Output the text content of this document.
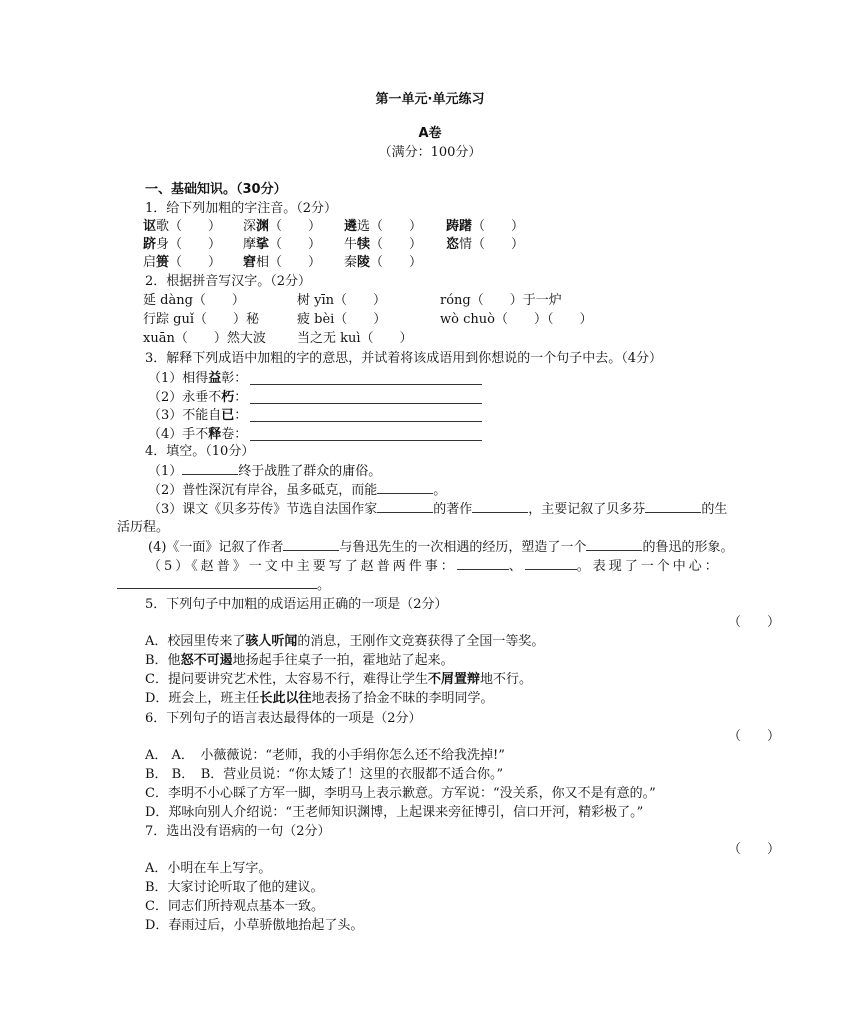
第一单元·单元练习
A卷
（满分：100分）
一、基础知识。（30分）
1．给下列加粗的字注音。（2分）
讴歌（　　） 深渊（　　） 遴选（　　） 踌躇（　　）
跻身（　　） 摩挲（　　） 牛犊（　　） 恣情（　　）
启篑（　　） 窘相（　　） 秦陵（　　）
2．根据拼音写汉字。（2分）
延 dàng（　　）	树 yīn（　　）	róng（　　）于一炉
行踪 guǐ（　　）秘	疲 bèi（　　）	wò chuò（　　）（　　）
xuān（　　）然大波 当之无 kuì（　　）
3．解释下列成语中加粗的字的意思，并试着将该成语用到你想说的一个句子中去。（4分）
（1）相得益彰：
（2）永垂不朽：
（3）不能自已：
（4）手不释卷：
4．填空。（10分）
（1）	终于战胜了群众的庸俗。
（2）普性深沉有岸谷，虽多砥克，而能	。
（3）课文《贝多芬传》节选自法国作家	的著作	，主要记叙了贝多芬	的生
活历程。
(4)《一面》记叙了作者	与鲁迅先生的一次相遇的经历，塑造了一个	的鲁迅的形象。
（5）《赵普》一文中主要写了赵普两件事：	、	。表现了一个中心：
。
5．下列句子中加粗的成语运用正确的一项是（2分）
（　　）
A．校园里传来了骇人听闻的消息，王刚作文竞赛获得了全国一等奖。
B．他怒不可遏地扬起手往桌子一拍，霍地站了起来。
C．提问要讲究艺术性，太容易不行，难得让学生不屑置辩地不行。
D．班会上，班主任长此以往地表扬了拾金不昧的李明同学。
6．下列句子的语言表达最得体的一项是（2分）
（　　）
A． A．　小薇薇说：“老师，我的小手绢你怎么还不给我洗掉!”
B． B．　B．营业员说：“你太矮了！这里的衣服都不适合你。”
C．李明不小心睬了方军一脚，李明马上表示歉意。方军说：“没关系，你又不是有意的。”
D．郑咏向别人介绍说：“王老师知识渊博，上起课来旁征博引，信口开河，精彩极了。”
7．选出没有语病的一句（2分）
（　　）
A．小明在车上写字。
B．大家讨论听取了他的建议。
C．同志们所持观点基本一致。
D．春雨过后，小草骄傲地抬起了头。
